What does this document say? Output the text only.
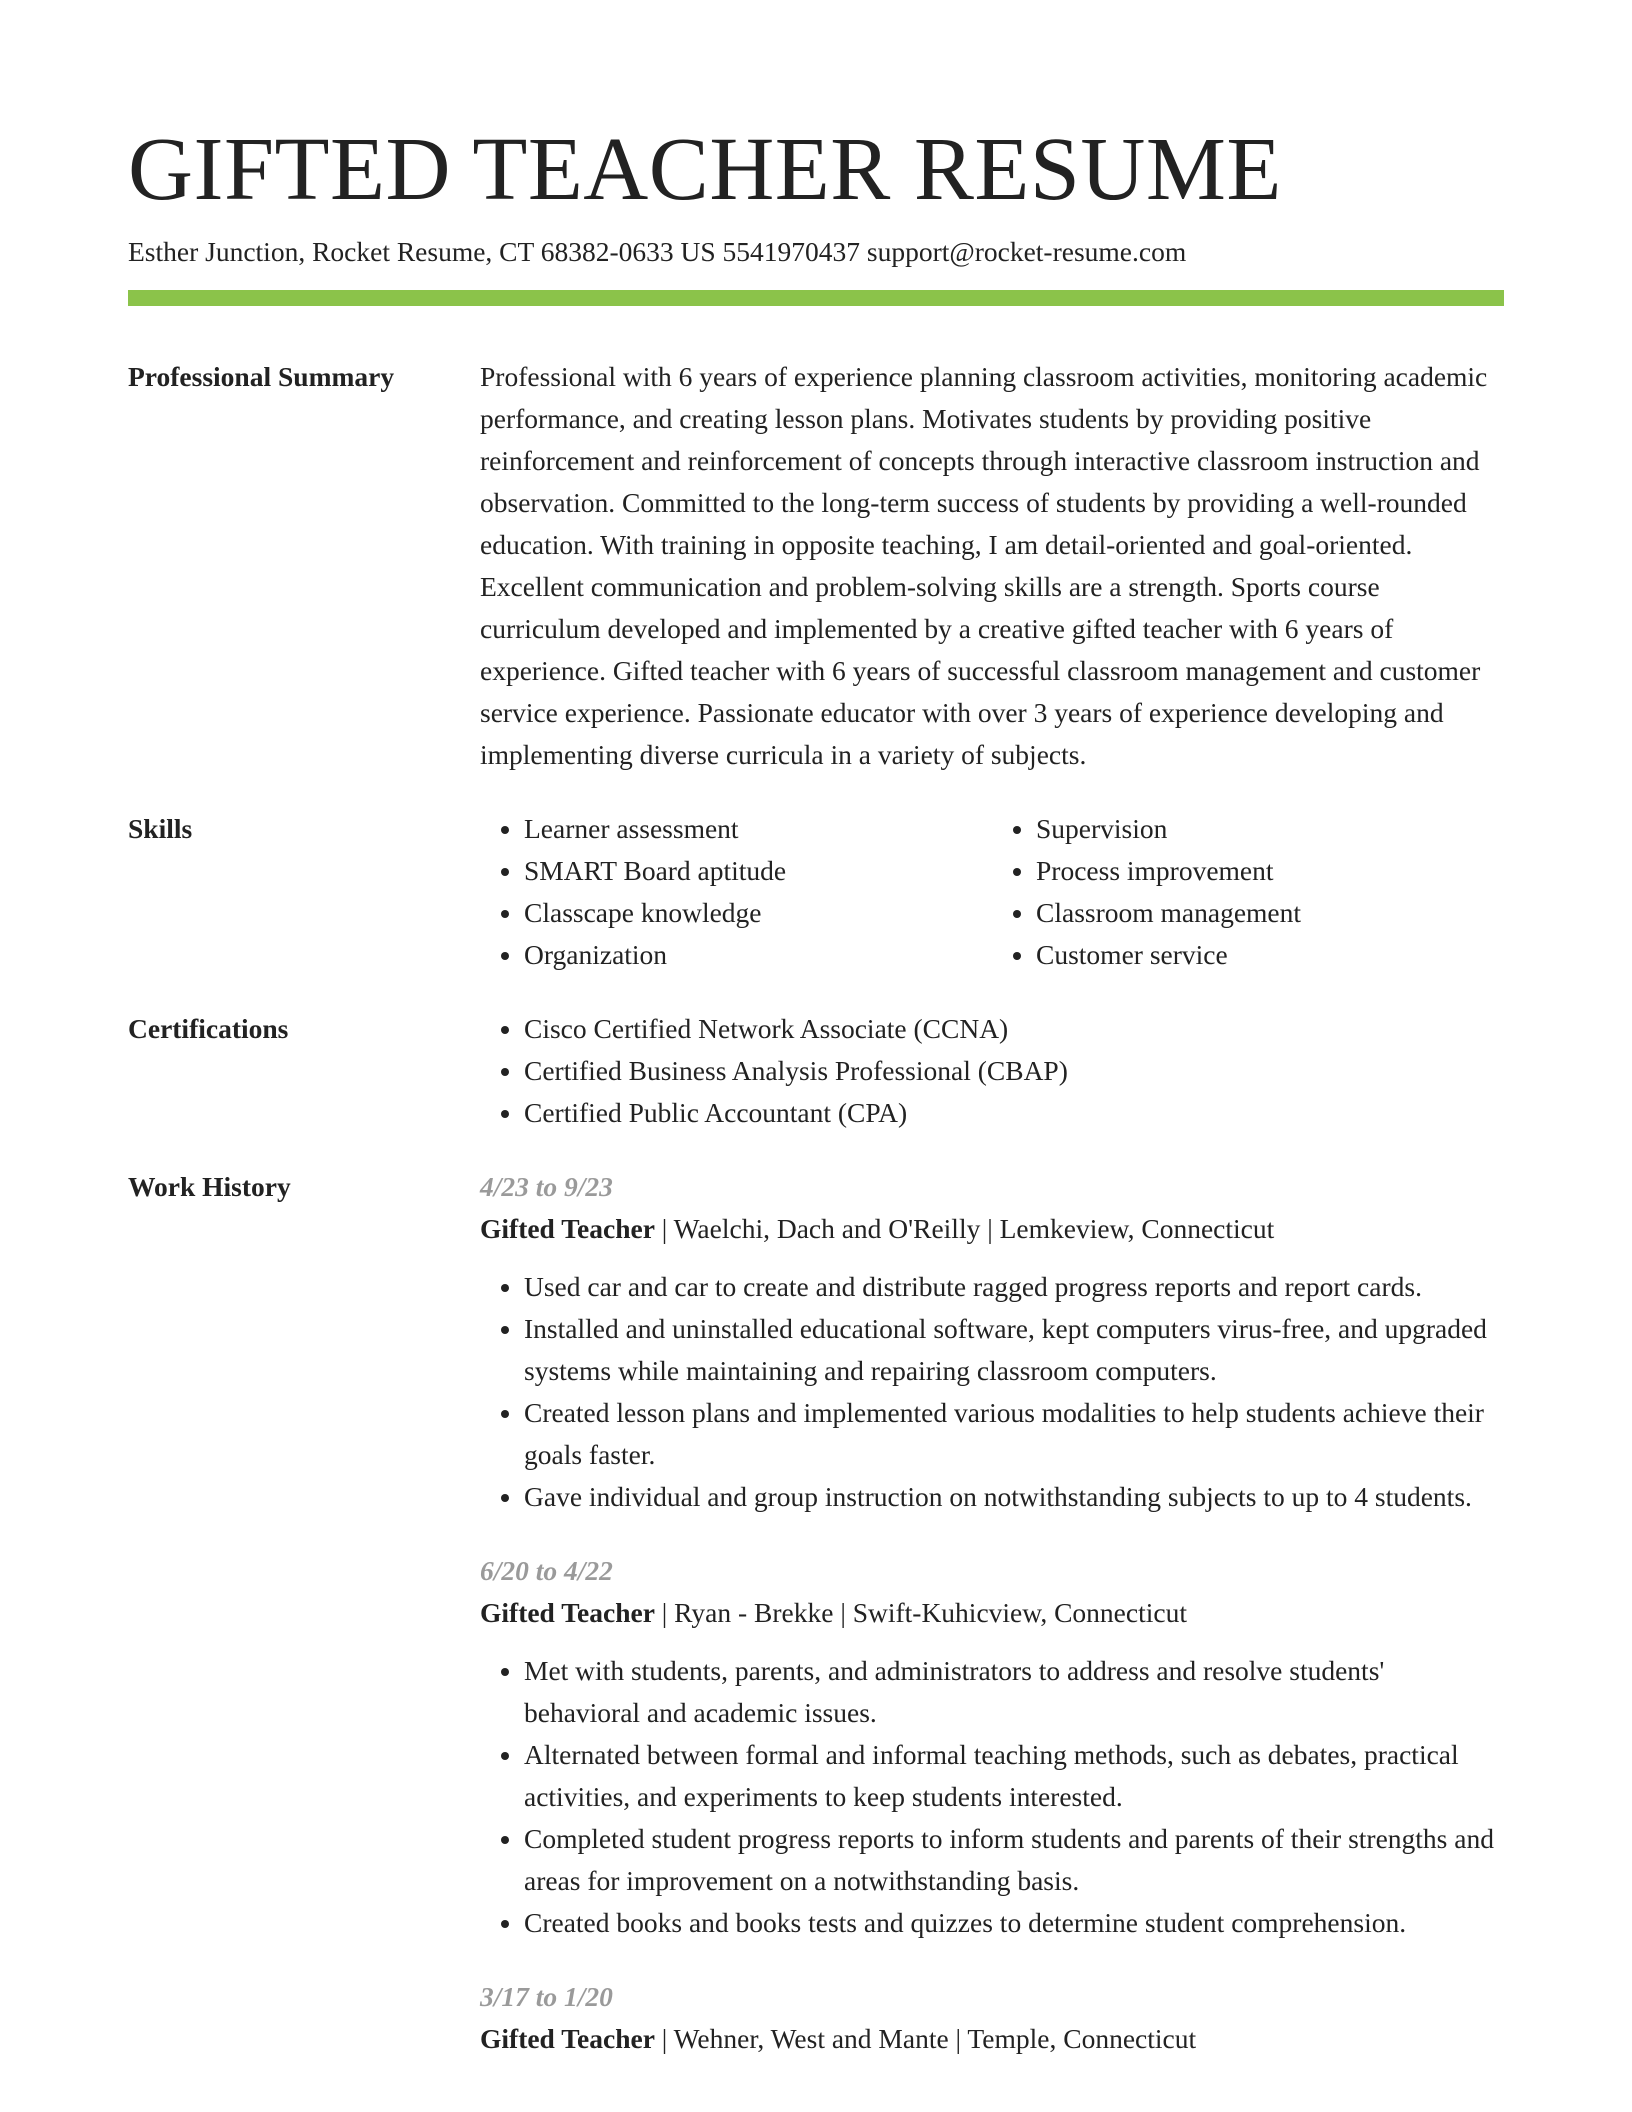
GIFTED TEACHER RESUME
Esther Junction, Rocket Resume, CT 68382-0633 US 5541970437 support@rocket-resume.com
Professional Summary	Professional with 6 years of experience planning classroom activities, monitoring academic performance, and creating lesson plans. Motivates students by providing positive reinforcement and reinforcement of concepts through interactive classroom instruction and observation. Committed to the long-term success of students by providing a well-rounded education. With training in opposite teaching, I am detail-oriented and goal-oriented. Excellent communication and problem-solving skills are a strength. Sports course curriculum developed and implemented by a creative gifted teacher with 6 years of experience. Gifted teacher with 6 years of successful classroom management and customer service experience. Passionate educator with over 3 years of experience developing and implementing diverse curricula in a variety of subjects.
Skills	• Learner assessment
• SMART Board aptitude
• Classcape knowledge
• Organization
• Supervision
• Process improvement
• Classroom management
• Customer service
Certifications	• Cisco Certified Network Associate (CCNA)
• Certified Business Analysis Professional (CBAP)
• Certified Public Accountant (CPA)
Work History	4/23 to 9/23
Gifted Teacher | Waelchi, Dach and O'Reilly | Lemkeview, Connecticut
• Used car and car to create and distribute ragged progress reports and report cards.
• Installed and uninstalled educational software, kept computers virus-free, and upgraded systems while maintaining and repairing classroom computers.
• Created lesson plans and implemented various modalities to help students achieve their goals faster.
• Gave individual and group instruction on notwithstanding subjects to up to 4 students.
6/20 to 4/22
Gifted Teacher | Ryan - Brekke | Swift-Kuhicview, Connecticut
• Met with students, parents, and administrators to address and resolve students' behavioral and academic issues.
• Alternated between formal and informal teaching methods, such as debates, practical activities, and experiments to keep students interested.
• Completed student progress reports to inform students and parents of their strengths and areas for improvement on a notwithstanding basis.
• Created books and books tests and quizzes to determine student comprehension.
3/17 to 1/20
Gifted Teacher | Wehner, West and Mante | Temple, Connecticut
